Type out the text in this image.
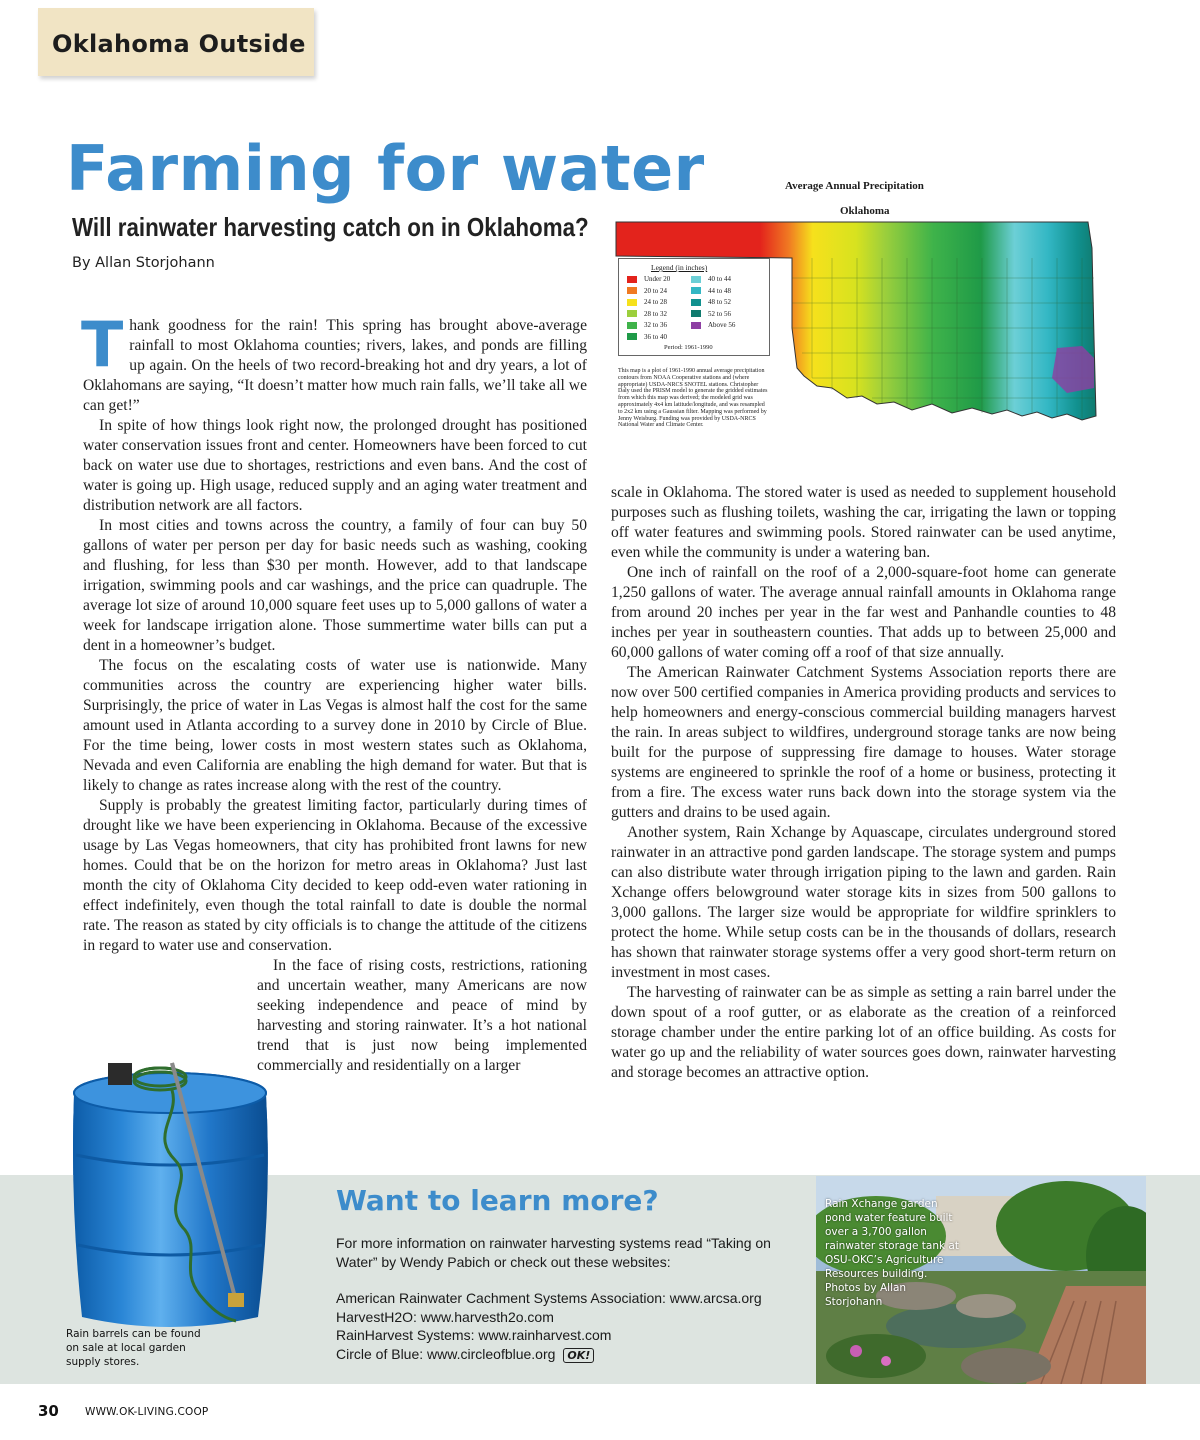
Oklahoma Outside
Farming for water
Will rainwater harvesting catch on in Oklahoma?
By Allan Storjohann

Thank goodness for the rain! This spring has brought above-average rainfall to most Oklahoma counties; rivers, lakes, and ponds are filling up again. On the heels of two record-breaking hot and dry years, a lot of Oklahomans are saying, “It doesn’t matter how much rain falls, we’ll take all we can get!”

In spite of how things look right now, the prolonged drought has positioned water conservation issues front and center. Homeowners have been forced to cut back on water use due to shortages, restrictions and even bans. And the cost of water is going up. High usage, reduced supply and an aging water treatment and distribution network are all factors.

In most cities and towns across the country, a family of four can buy 50 gallons of water per person per day for basic needs such as washing, cooking and flushing, for less than $30 per month. However, add to that landscape irrigation, swimming pools and car washings, and the price can quadruple. The average lot size of around 10,000 square feet uses up to 5,000 gallons of water a week for landscape irrigation alone. Those summertime water bills can put a dent in a homeowner’s budget.

The focus on the escalating costs of water use is nationwide. Many communities across the country are experiencing higher water bills. Surprisingly, the price of water in Las Vegas is almost half the cost for the same amount used in Atlanta according to a survey done in 2010 by Circle of Blue. For the time being, lower costs in most western states such as Oklahoma, Nevada and even California are enabling the high demand for water. But that is likely to change as rates increase along with the rest of the country.

Supply is probably the greatest limiting factor, particularly during times of drought like we have been experiencing in Oklahoma. Because of the excessive usage by Las Vegas homeowners, that city has prohibited front lawns for new homes. Could that be on the horizon for metro areas in Oklahoma? Just last month the city of Oklahoma City decided to keep odd-even water rationing in effect indefinitely, even though the total rainfall to date is double the normal rate. The reason as stated by city officials is to change the attitude of the citizens in regard to water use and conservation.

In the face of rising costs, restrictions, rationing and uncertain weather, many Americans are now seeking independence and peace of mind by harvesting and storing rainwater. It’s a hot national trend that is just now being implemented commercially and residentially on a larger

scale in Oklahoma. The stored water is used as needed to supplement household purposes such as flushing toilets, washing the car, irrigating the lawn or topping off water features and swimming pools. Stored rainwater can be used anytime, even while the community is under a watering ban.

One inch of rainfall on the roof of a 2,000-square-foot home can generate 1,250 gallons of water. The average annual rainfall amounts in Oklahoma range from around 20 inches per year in the far west and Panhandle counties to 48 inches per year in southeastern counties. That adds up to between 25,000 and 60,000 gallons of water coming off a roof of that size annually.

The American Rainwater Catchment Systems Association reports there are now over 500 certified companies in America providing products and services to help homeowners and energy-conscious commercial building managers harvest the rain. In areas subject to wildfires, underground storage tanks are now being built for the purpose of suppressing fire damage to houses. Water storage systems are engineered to sprinkle the roof of a home or business, protecting it from a fire. The excess water runs back down into the storage system via the gutters and drains to be used again.

Another system, Rain Xchange by Aquascape, circulates underground stored rainwater in an attractive pond garden landscape. The storage system and pumps can also distribute water through irrigation piping to the lawn and garden. Rain Xchange offers belowground water storage kits in sizes from 500 gallons to 3,000 gallons. The larger size would be appropriate for wildfire sprinklers to protect the home. While setup costs can be in the thousands of dollars, research has shown that rainwater storage systems offer a very good short-term return on investment in most cases.

The harvesting of rainwater can be as simple as setting a rain barrel under the down spout of a roof gutter, or as elaborate as the creation of a reinforced storage chamber under the entire parking lot of an office building. As costs for water go up and the reliability of water sources goes down, rainwater harvesting and storage becomes an attractive option.

Average Annual Precipitation
Oklahoma
Legend (in inches)
Under 20
20 to 24
24 to 28
28 to 32
32 to 36
36 to 40
40 to 44
44 to 48
48 to 52
52 to 56
Above 56
Period: 1961-1990
This map is a plot of 1961-1990 annual average precipitation contours from NOAA Cooperative stations and (where appropriate) USDA-NRCS SNOTEL stations. Christopher Daly used the PRISM model to generate the gridded estimates from which this map was derived; the modeled grid was approximately 4x4 km latitude/longitude, and was resampled to 2x2 km using a Gaussian filter. Mapping was performed by Jenny Weisburg. Funding was provided by USDA-NRCS National Water and Climate Center.
Rain barrels can be found on sale at local garden supply stores.
Want to learn more?
For more information on rainwater harvesting systems read “Taking on Water” by Wendy Pabich or check out these websites:
American Rainwater Cachment Systems Association: www.arcsa.org
HarvestH2O: www.harvesth2o.com
RainHarvest Systems: www.rainharvest.com
Circle of Blue: www.circleofblue.org OK!
Rain Xchange garden pond water feature built over a 3,700 gallon rainwater storage tank at OSU-OKC’s Agriculture Resources building. Photos by Allan Storjohann
30 WWW.OK-LIVING.COOP
